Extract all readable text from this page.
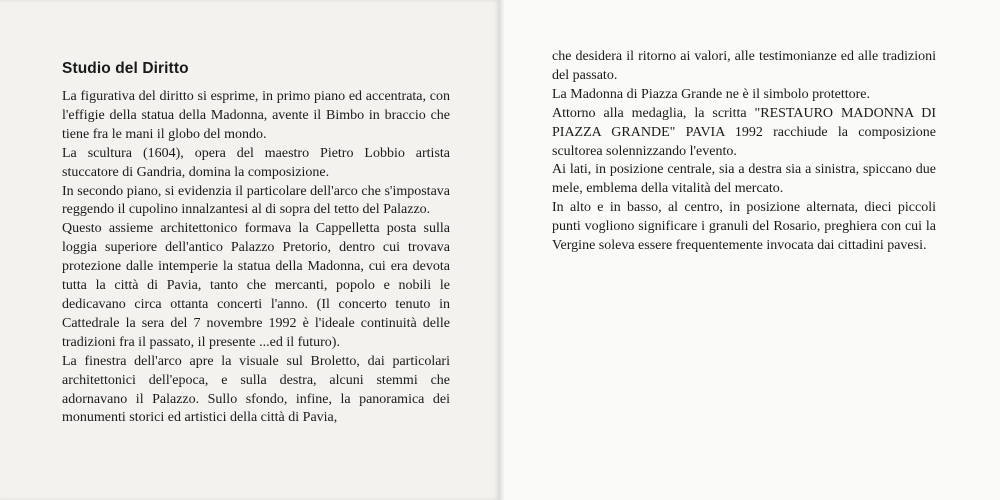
Studio del Diritto

La figurativa del diritto si esprime, in primo piano ed accentrata, con l'effigie della statua della Madonna, avente il Bimbo in braccio che tiene fra le mani il globo del mondo.

La scultura (1604), opera del maestro Pietro Lobbio artista stuccatore di Gandria, domina la composizione.

In secondo piano, si evidenzia il particolare dell'arco che s'impostava reggendo il cupolino innalzantesi al di sopra del tetto del Palazzo.

Questo assieme architettonico formava la Cappelletta posta sulla loggia superiore dell'antico Palazzo Pretorio, dentro cui trovava protezione dalle intemperie la statua della Madonna, cui era devota tutta la città di Pavia, tanto che mercanti, popolo e nobili le dedicavano circa ottanta concerti l'anno. (Il concerto tenuto in Cattedrale la sera del 7 novembre 1992 è l'ideale continuità delle tradizioni fra il passato, il presente ...ed il futuro).

La finestra dell'arco apre la visuale sul Broletto, dai particolari architettonici dell'epoca, e sulla destra, alcuni stemmi che adornavano il Palazzo. Sullo sfondo, infine, la panoramica dei monumenti storici ed artistici della città di Pavia,

che desidera il ritorno ai valori, alle testimonianze ed alle tradizioni del passato.

La Madonna di Piazza Grande ne è il simbolo protettore.

Attorno alla medaglia, la scritta "RESTAURO MADONNA DI PIAZZA GRANDE" PAVIA 1992 racchiude la composizione scultorea solennizzando l'evento.

Ai lati, in posizione centrale, sia a destra sia a sinistra, spiccano due mele, emblema della vitalità del mercato.

In alto e in basso, al centro, in posizione alternata, dieci piccoli punti vogliono significare i granuli del Rosario, preghiera con cui la Vergine soleva essere frequentemente invocata dai cittadini pavesi.
